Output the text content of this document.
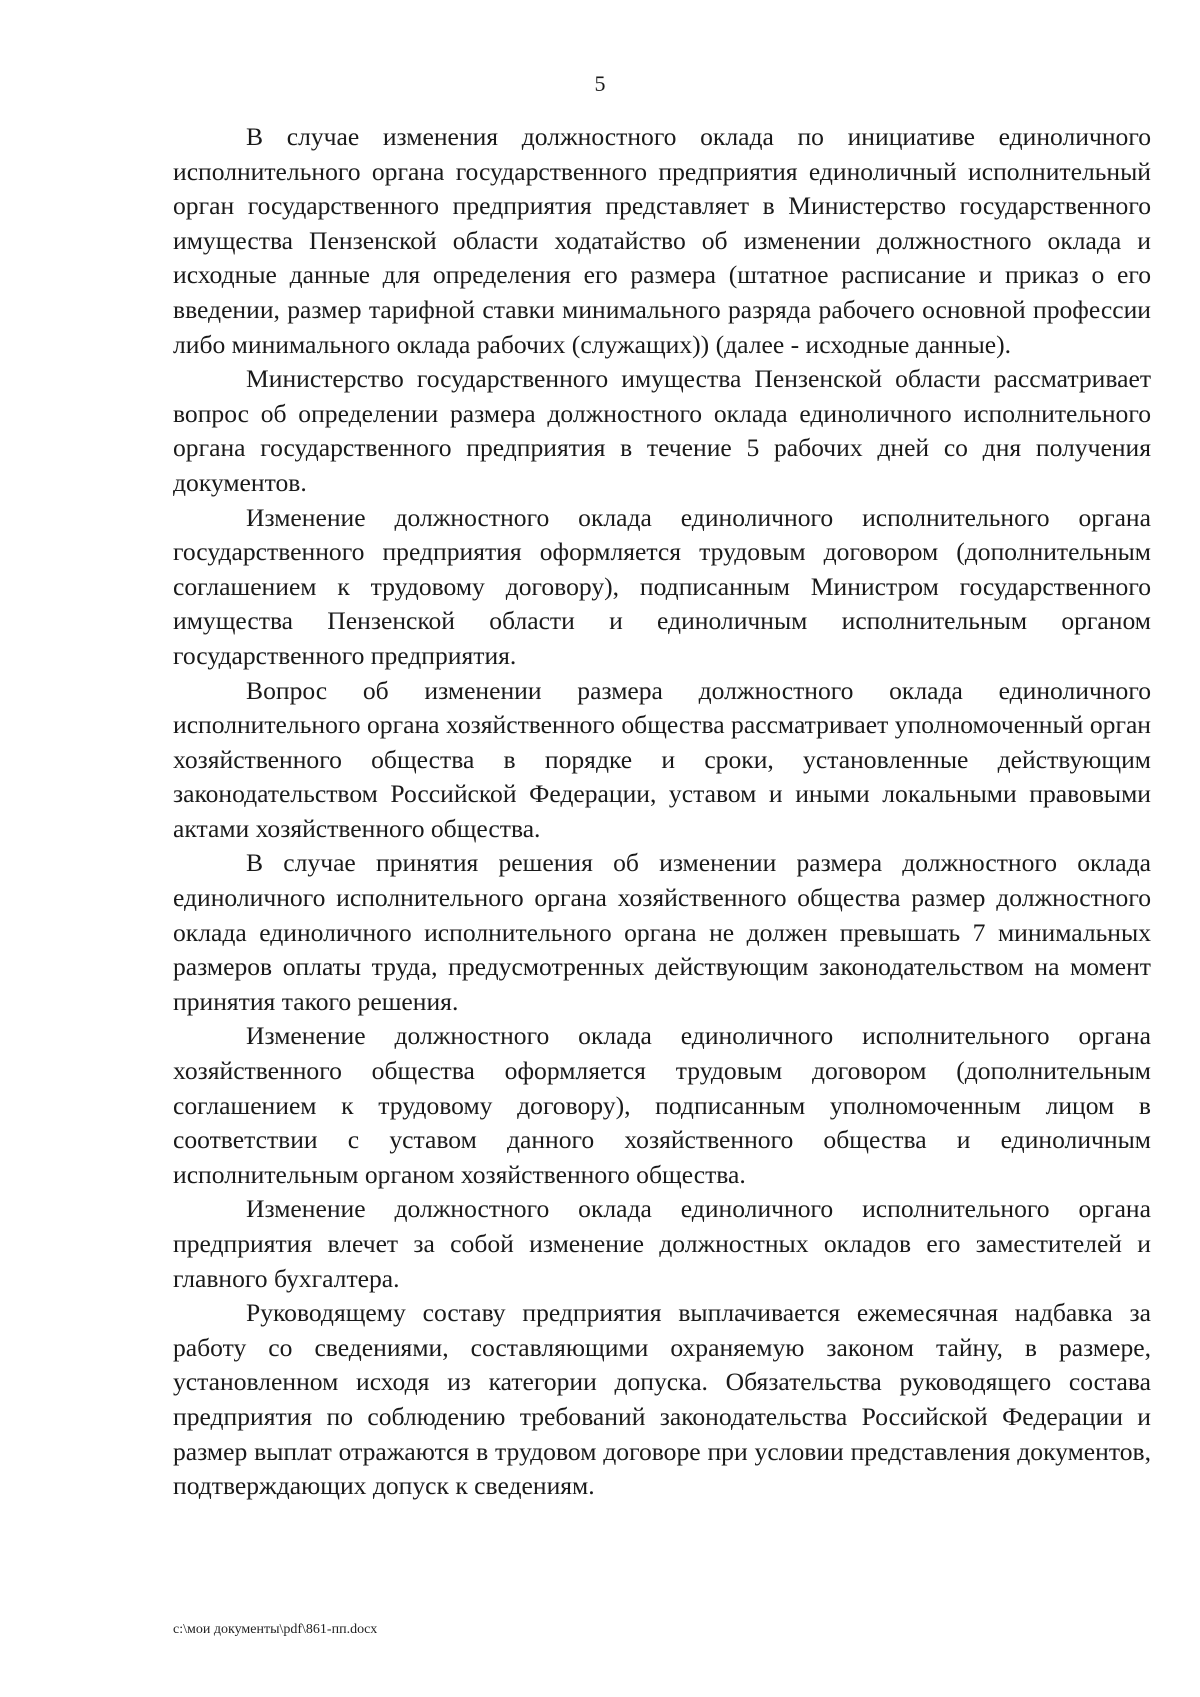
5

В случае изменения должностного оклада по инициативе единоличного исполнительного органа государственного предприятия единоличный исполнительный орган государственного предприятия представляет в Министерство государственного имущества Пензенской области ходатайство об изменении должностного оклада и исходные данные для определения его размера (штатное расписание и приказ о его введении, размер тарифной ставки минимального разряда рабочего основной профессии либо минимального оклада рабочих (служащих)) (далее - исходные данные).

Министерство государственного имущества Пензенской области рассматривает вопрос об определении размера должностного оклада единоличного исполнительного органа государственного предприятия в течение 5 рабочих дней со дня получения документов.

Изменение должностного оклада единоличного исполнительного органа государственного предприятия оформляется трудовым договором (дополнительным соглашением к трудовому договору), подписанным Министром государственного имущества Пензенской области и единоличным исполнительным органом государственного предприятия.

Вопрос об изменении размера должностного оклада единоличного исполнительного органа хозяйственного общества рассматривает уполномоченный орган хозяйственного общества в порядке и сроки, установленные действующим законодательством Российской Федерации, уставом и иными локальными правовыми актами хозяйственного общества.

В случае принятия решения об изменении размера должностного оклада единоличного исполнительного органа хозяйственного общества размер должностного оклада единоличного исполнительного органа не должен превышать 7 минимальных размеров оплаты труда, предусмотренных действующим законодательством на момент принятия такого решения.

Изменение должностного оклада единоличного исполнительного органа хозяйственного общества оформляется трудовым договором (дополнительным соглашением к трудовому договору), подписанным уполномоченным лицом в соответствии с уставом данного хозяйственного общества и единоличным исполнительным органом хозяйственного общества.

Изменение должностного оклада единоличного исполнительного органа предприятия влечет за собой изменение должностных окладов его заместителей и главного бухгалтера.

Руководящему составу предприятия выплачивается ежемесячная надбавка за работу со сведениями, составляющими охраняемую законом тайну, в размере, установленном исходя из категории допуска. Обязательства руководящего состава предприятия по соблюдению требований законодательства Российской Федерации и размер выплат отражаются в трудовом договоре при условии представления документов, подтверждающих допуск к сведениям.

c:\мои документы\pdf\861-пп.docx
